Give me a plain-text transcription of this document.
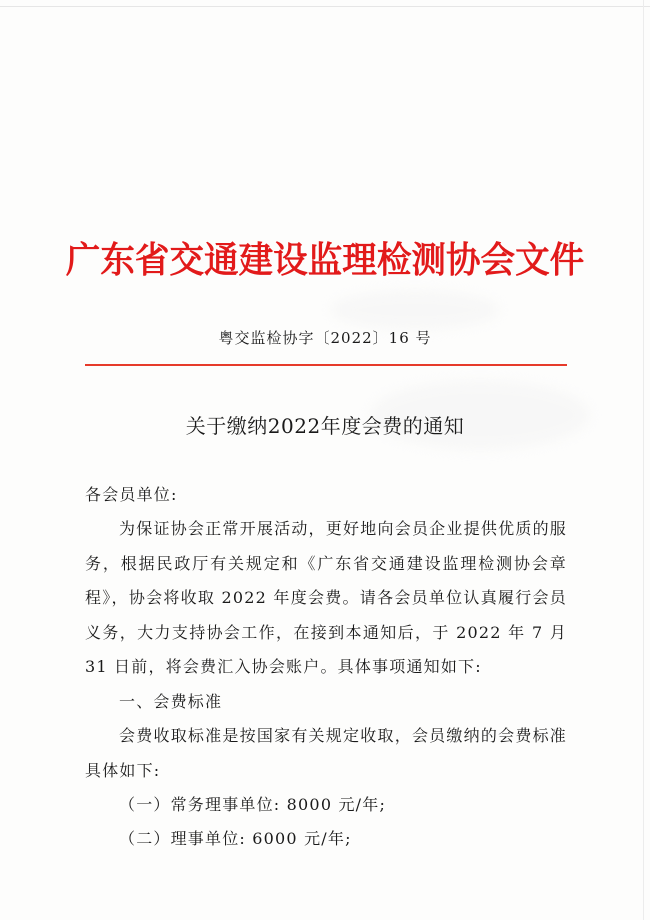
广东省交通建设监理检测协会文件
粤交监检协字〔2022〕16 号
关于缴纳2022年度会费的通知
各会员单位:
为保证协会正常开展活动，更好地向会员企业提供优质的服务，根据民政厅有关规定和《广东省交通建设监理检测协会章程》，协会将收取 2022 年度会费。请各会员单位认真履行会员义务，大力支持协会工作，在接到本通知后，于 2022 年 7 月 31 日前，将会费汇入协会账户。具体事项通知如下:
一、会费标准
会费收取标准是按国家有关规定收取，会员缴纳的会费标准具体如下:
（一）常务理事单位: 8000 元/年;
（二）理事单位: 6000 元/年;
